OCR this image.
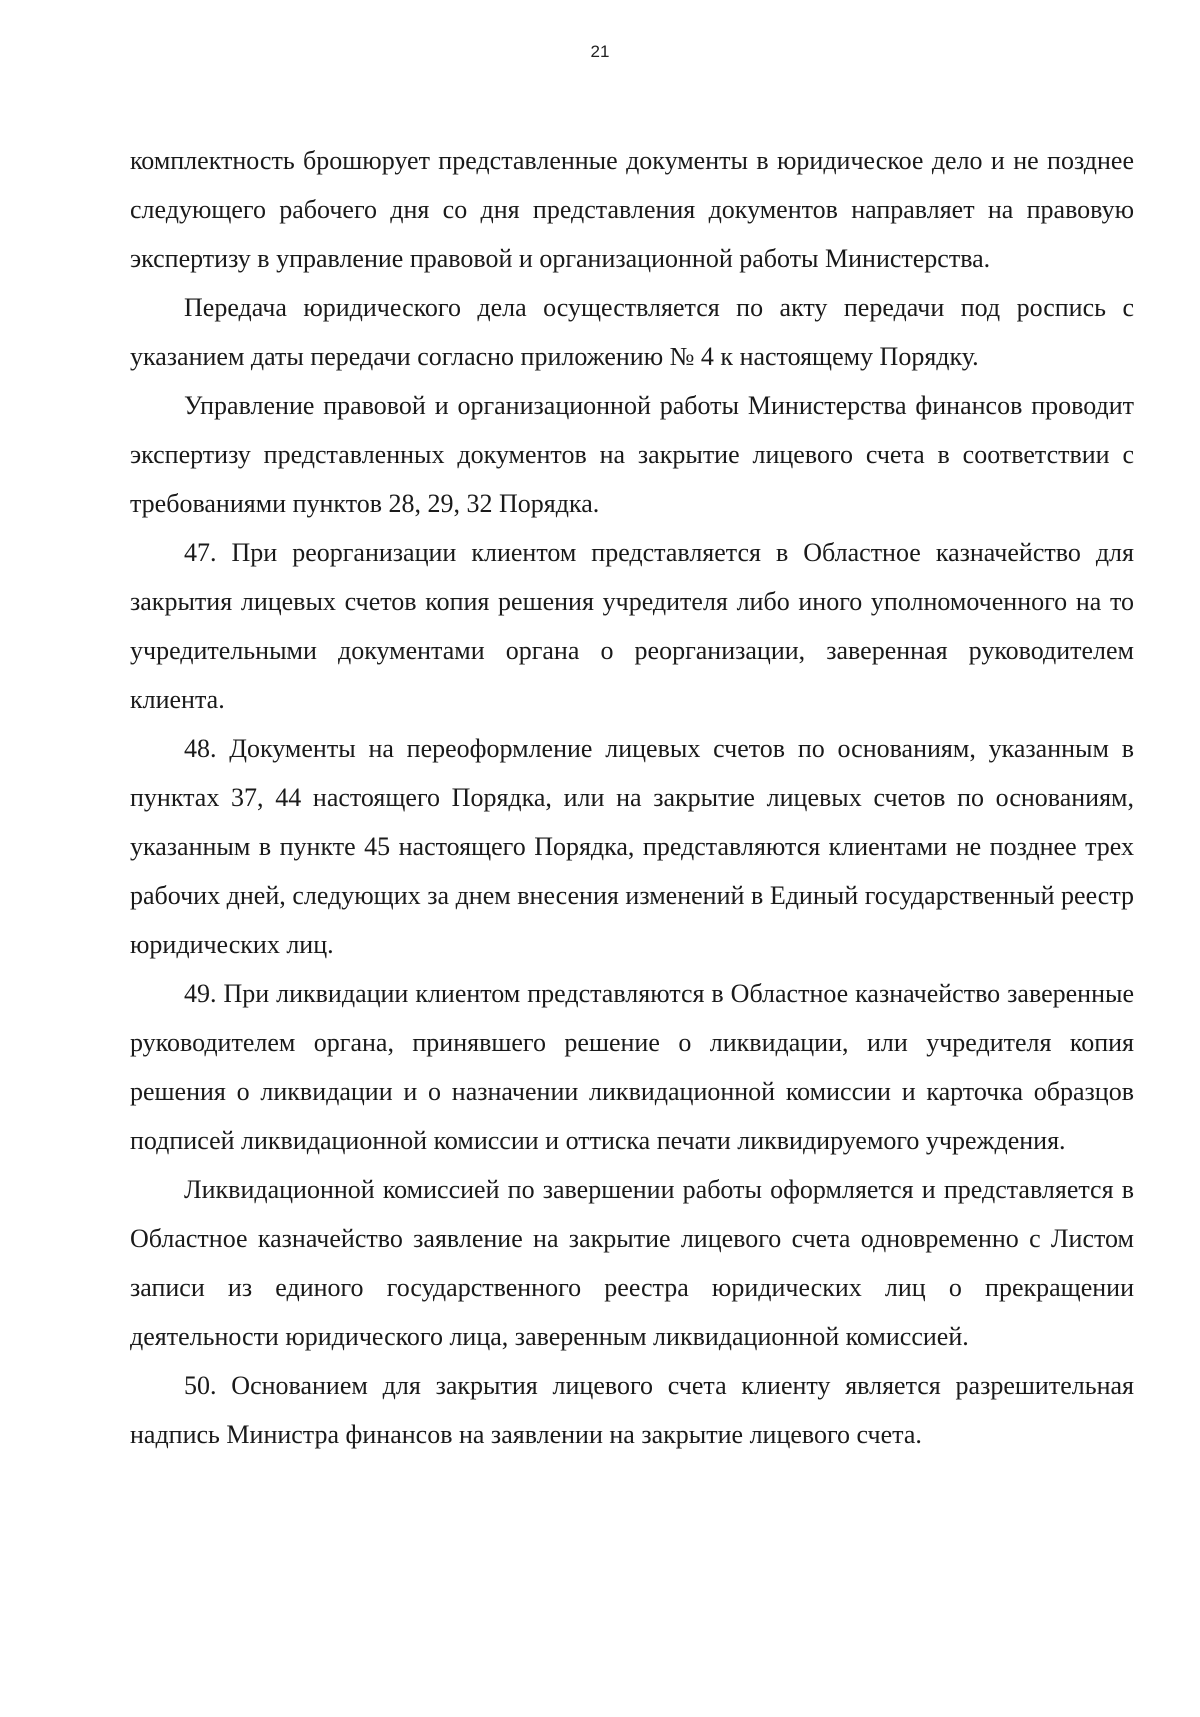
21

комплектность брошюрует представленные документы в юридическое дело и не позднее следующего рабочего дня со дня представления документов направляет на правовую экспертизу в управление правовой и организационной работы Министерства.

Передача юридического дела осуществляется по акту передачи под роспись с указанием даты передачи согласно приложению № 4 к настоящему Порядку.

Управление правовой и организационной работы Министерства финансов проводит экспертизу представленных документов на закрытие лицевого счета в соответствии с требованиями пунктов 28, 29, 32 Порядка.

47. При реорганизации клиентом представляется в Областное казначейство для закрытия лицевых счетов копия решения учредителя либо иного уполномоченного на то учредительными документами органа о реорганизации, заверенная руководителем клиента.

48. Документы на переоформление лицевых счетов по основаниям, указанным в пунктах 37, 44 настоящего Порядка, или на закрытие лицевых счетов по основаниям, указанным в пункте 45 настоящего Порядка, представляются клиентами не позднее трех рабочих дней, следующих за днем внесения изменений в Единый государственный реестр юридических лиц.

49. При ликвидации клиентом представляются в Областное казначейство заверенные руководителем органа, принявшего решение о ликвидации, или учредителя копия решения о ликвидации и о назначении ликвидационной комиссии и карточка образцов подписей ликвидационной комиссии и оттиска печати ликвидируемого учреждения.

Ликвидационной комиссией по завершении работы оформляется и представляется в Областное казначейство заявление на закрытие лицевого счета одновременно с Листом записи из единого государственного реестра юридических лиц о прекращении деятельности юридического лица, заверенным ликвидационной комиссией.

50. Основанием для закрытия лицевого счета клиенту является разрешительная надпись Министра финансов на заявлении на закрытие лицевого счета.
